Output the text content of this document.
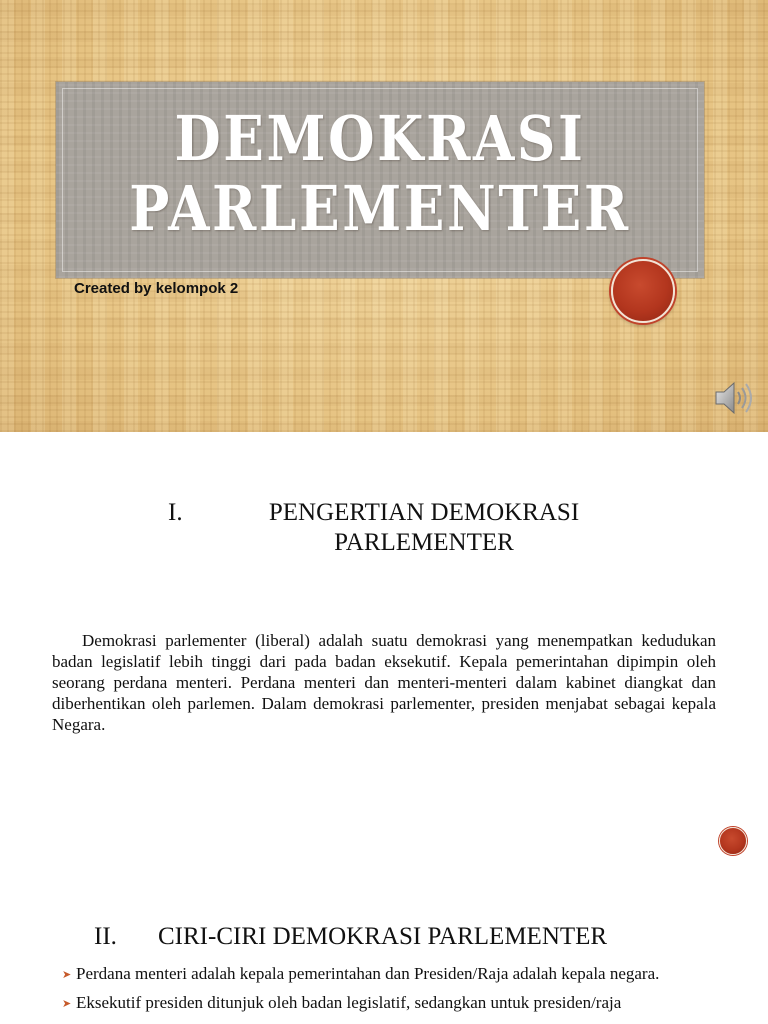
DEMOKRASI
PARLEMENTER
Created by kelompok 2
I.	PENGERTIAN DEMOKRASI PARLEMENTER

Demokrasi parlementer (liberal) adalah suatu demokrasi yang menempatkan kedudukan badan legislatif lebih tinggi dari pada badan eksekutif. Kepala pemerintahan dipimpin oleh seorang perdana menteri. Perdana menteri dan menteri-menteri dalam kabinet diangkat dan diberhentikan oleh parlemen. Dalam demokrasi parlementer, presiden menjabat sebagai kepala Negara.

II. CIRI-CIRI DEMOKRASI PARLEMENTER
➤ Perdana menteri adalah kepala pemerintahan dan Presiden/Raja adalah kepala negara.
➤ Eksekutif presiden ditunjuk oleh badan legislatif, sedangkan untuk presiden/raja
